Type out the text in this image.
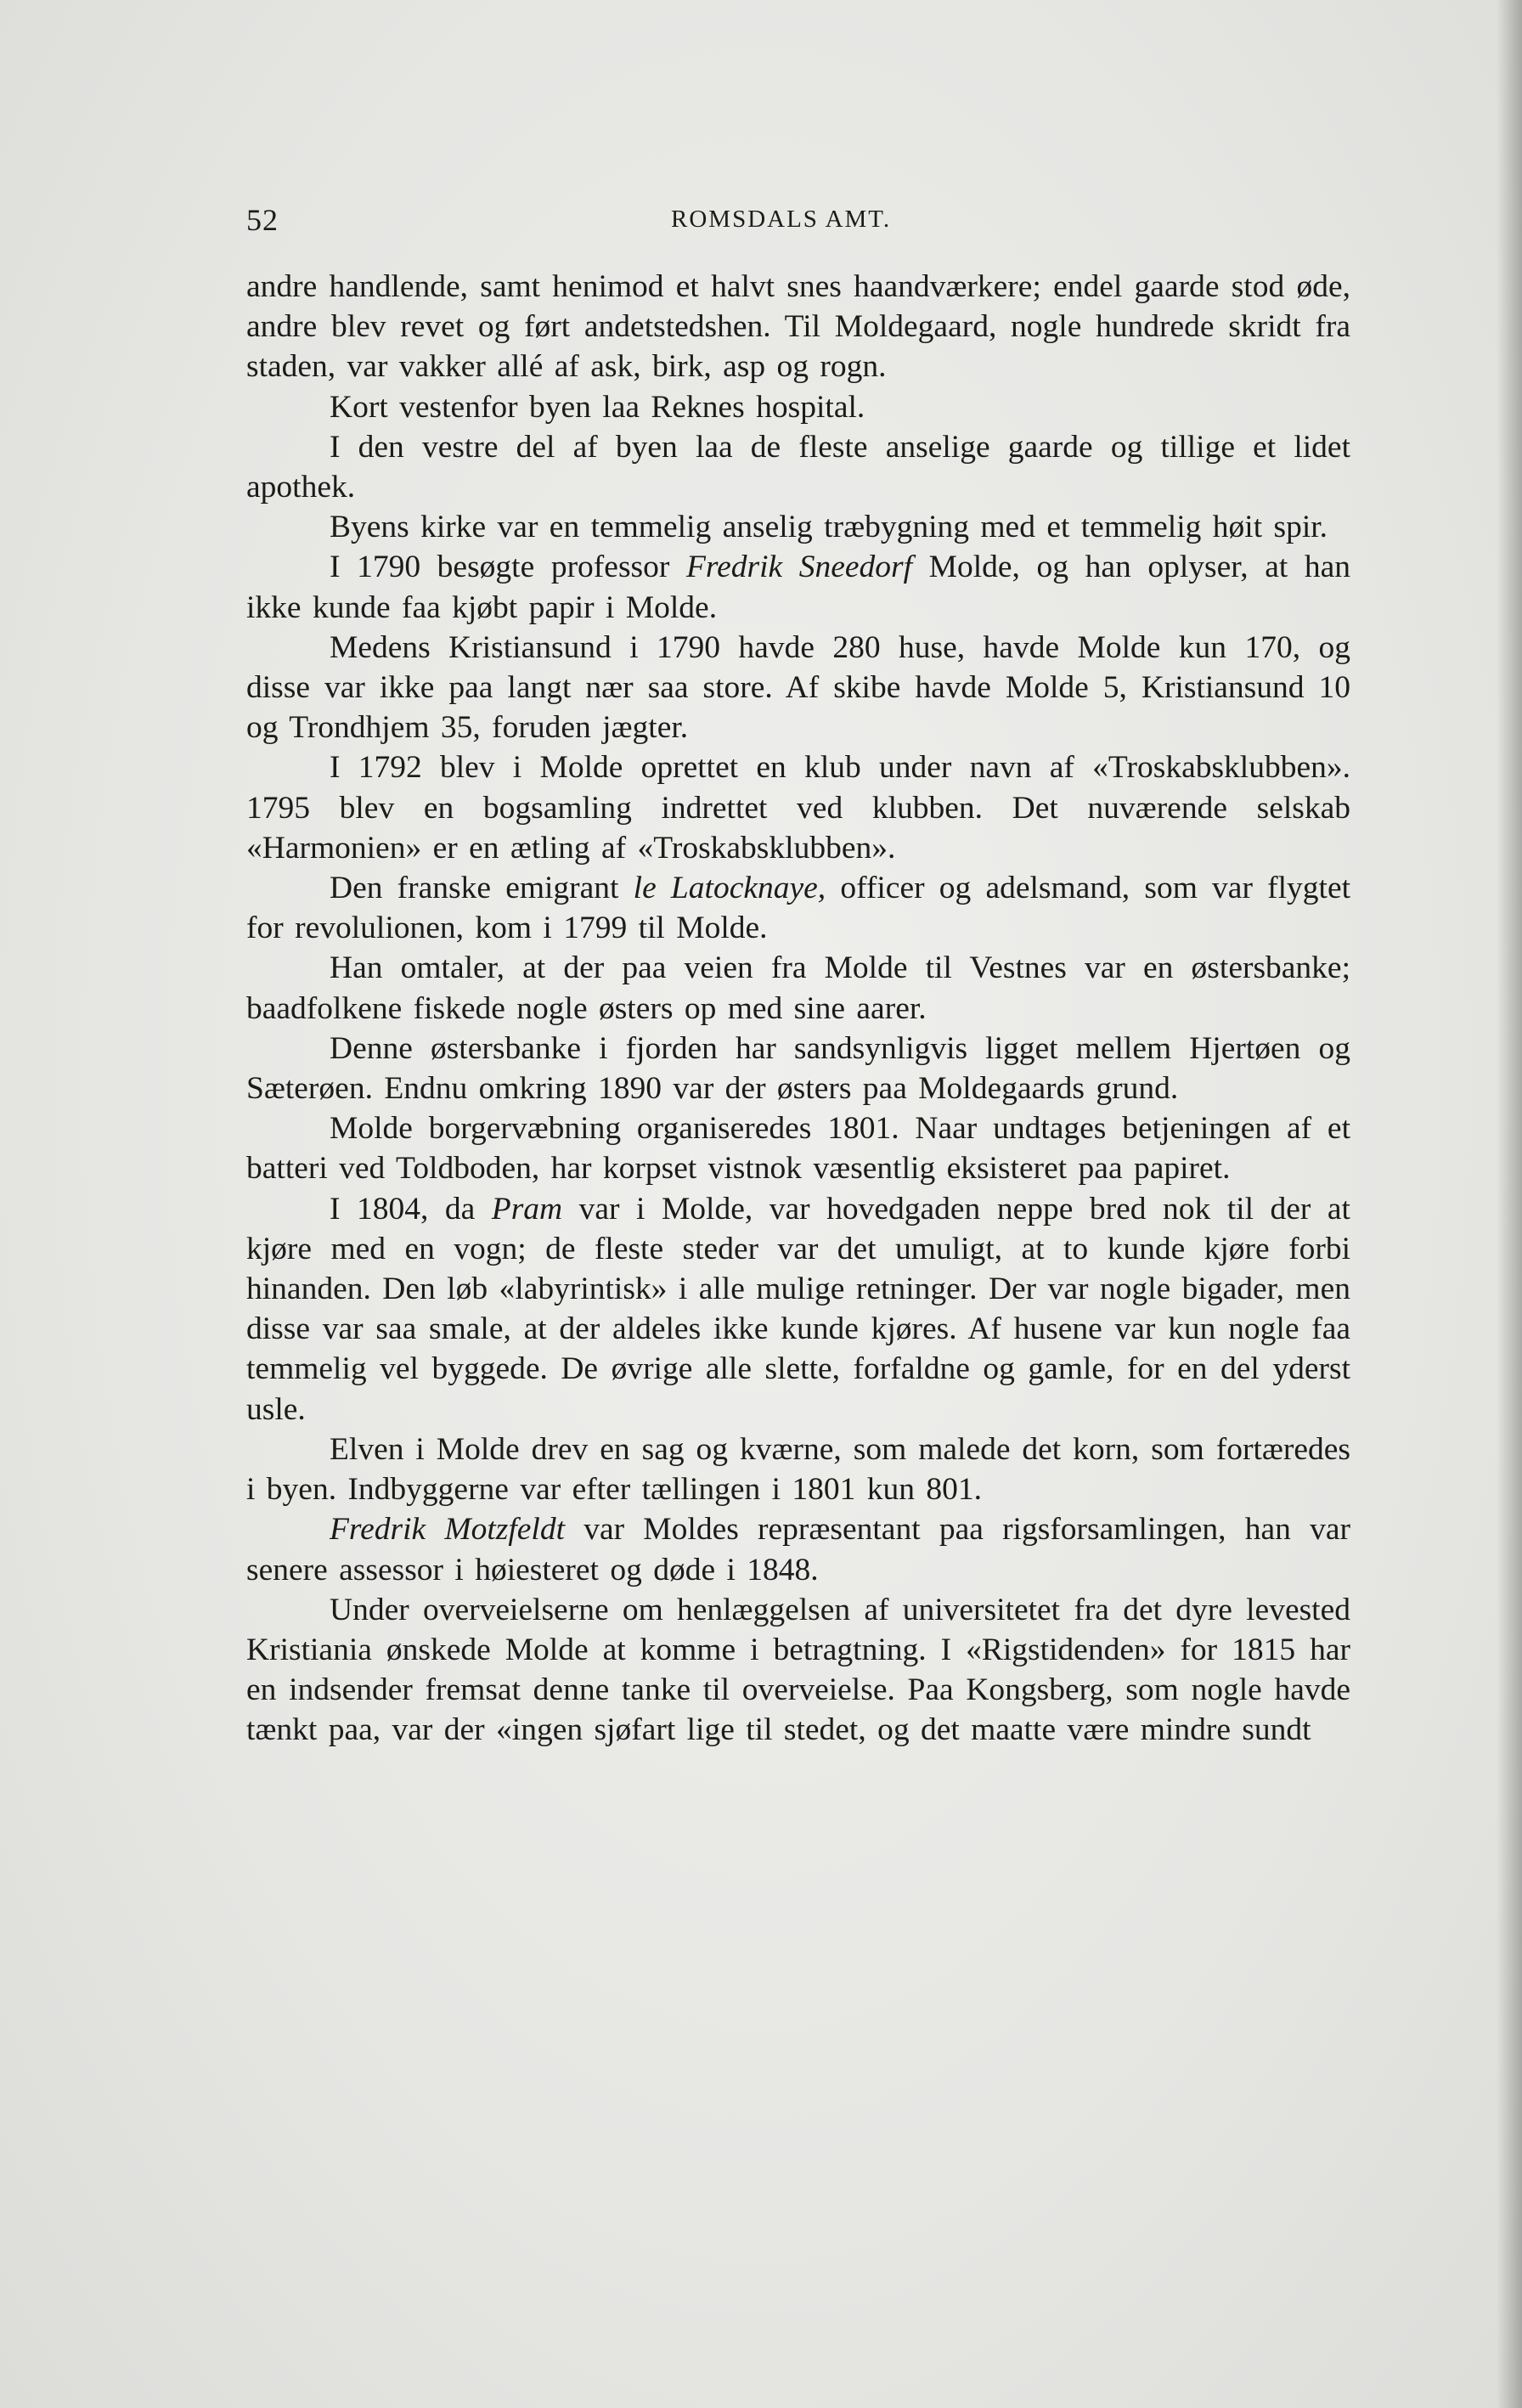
52	ROMSDALS AMT.

andre handlende, samt henimod et halvt snes haandværkere; endel gaarde stod øde, andre blev revet og ført andetstedshen. Til Moldegaard, nogle hundrede skridt fra staden, var vakker allé af ask, birk, asp og rogn.

Kort vestenfor byen laa Reknes hospital.

I den vestre del af byen laa de fleste anselige gaarde og tillige et lidet apothek.

Byens kirke var en temmelig anselig træbygning med et temmelig høit spir.

I 1790 besøgte professor Fredrik Sneedorf Molde, og han oplyser, at han ikke kunde faa kjøbt papir i Molde.

Medens Kristiansund i 1790 havde 280 huse, havde Molde kun 170, og disse var ikke paa langt nær saa store. Af skibe havde Molde 5, Kristiansund 10 og Trondhjem 35, foruden jægter.

I 1792 blev i Molde oprettet en klub under navn af «Troskabsklubben». 1795 blev en bogsamling indrettet ved klubben. Det nuværende selskab «Harmonien» er en ætling af «Troskabsklubben».

Den franske emigrant le Latocknaye, officer og adelsmand, som var flygtet for revolulionen, kom i 1799 til Molde.

Han omtaler, at der paa veien fra Molde til Vestnes var en østersbanke; baadfolkene fiskede nogle østers op med sine aarer.

Denne østersbanke i fjorden har sandsynligvis ligget mellem Hjertøen og Sæterøen. Endnu omkring 1890 var der østers paa Moldegaards grund.

Molde borgervæbning organiseredes 1801. Naar undtages betjeningen af et batteri ved Toldboden, har korpset vistnok væsentlig eksisteret paa papiret.

I 1804, da Pram var i Molde, var hovedgaden neppe bred nok til der at kjøre med en vogn; de fleste steder var det umuligt, at to kunde kjøre forbi hinanden. Den løb «labyrintisk» i alle mulige retninger. Der var nogle bigader, men disse var saa smale, at der aldeles ikke kunde kjøres. Af husene var kun nogle faa temmelig vel byggede. De øvrige alle slette, forfaldne og gamle, for en del yderst usle.

Elven i Molde drev en sag og kværne, som malede det korn, som fortæredes i byen. Indbyggerne var efter tællingen i 1801 kun 801.

Fredrik Motzfeldt var Moldes repræsentant paa rigsforsamlingen, han var senere assessor i høiesteret og døde i 1848.

Under overveielserne om henlæggelsen af universitetet fra det dyre levested Kristiania ønskede Molde at komme i betragtning. I «Rigstidenden» for 1815 har en indsender fremsat denne tanke til overveielse. Paa Kongsberg, som nogle havde tænkt paa, var der «ingen sjøfart lige til stedet, og det maatte være mindre sundt
